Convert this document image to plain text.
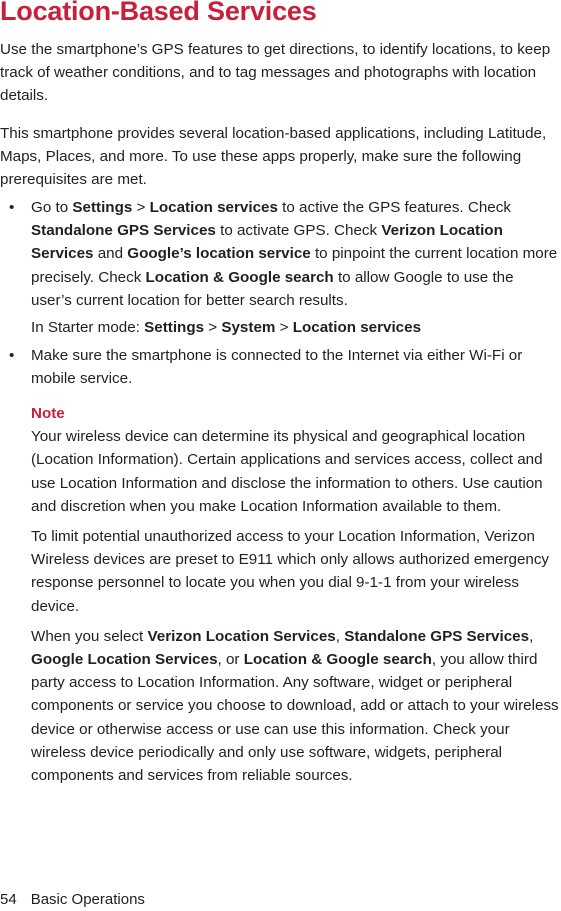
Location-Based Services
Use the smartphone’s GPS features to get directions, to identify locations, to keep track of weather conditions, and to tag messages and photographs with location details.
This smartphone provides several location-based applications, including Latitude, Maps, Places, and more. To use these apps properly, make sure the following prerequisites are met.
• Go to Settings > Location services to active the GPS features. Check Standalone GPS Services to activate GPS. Check Verizon Location Services and Google’s location service to pinpoint the current location more precisely. Check Location & Google search to allow Google to use the user’s current location for better search results.
In Starter mode: Settings > System > Location services
• Make sure the smartphone is connected to the Internet via either Wi-Fi or mobile service.
Note

Your wireless device can determine its physical and geographical location (Location Information). Certain applications and services access, collect and use Location Information and disclose the information to others. Use caution and discretion when you make Location Information available to them.

To limit potential unauthorized access to your Location Information, Verizon Wireless devices are preset to E911 which only allows authorized emergency response personnel to locate you when you dial 9-1-1 from your wireless device.

When you select Verizon Location Services, Standalone GPS Services, Google Location Services, or Location & Google search, you allow third party access to Location Information. Any software, widget or peripheral components or service you choose to download, add or attach to your wireless device or otherwise access or use can use this information. Check your wireless device periodically and only use software, widgets, peripheral components and services from reliable sources.

54 Basic Operations
